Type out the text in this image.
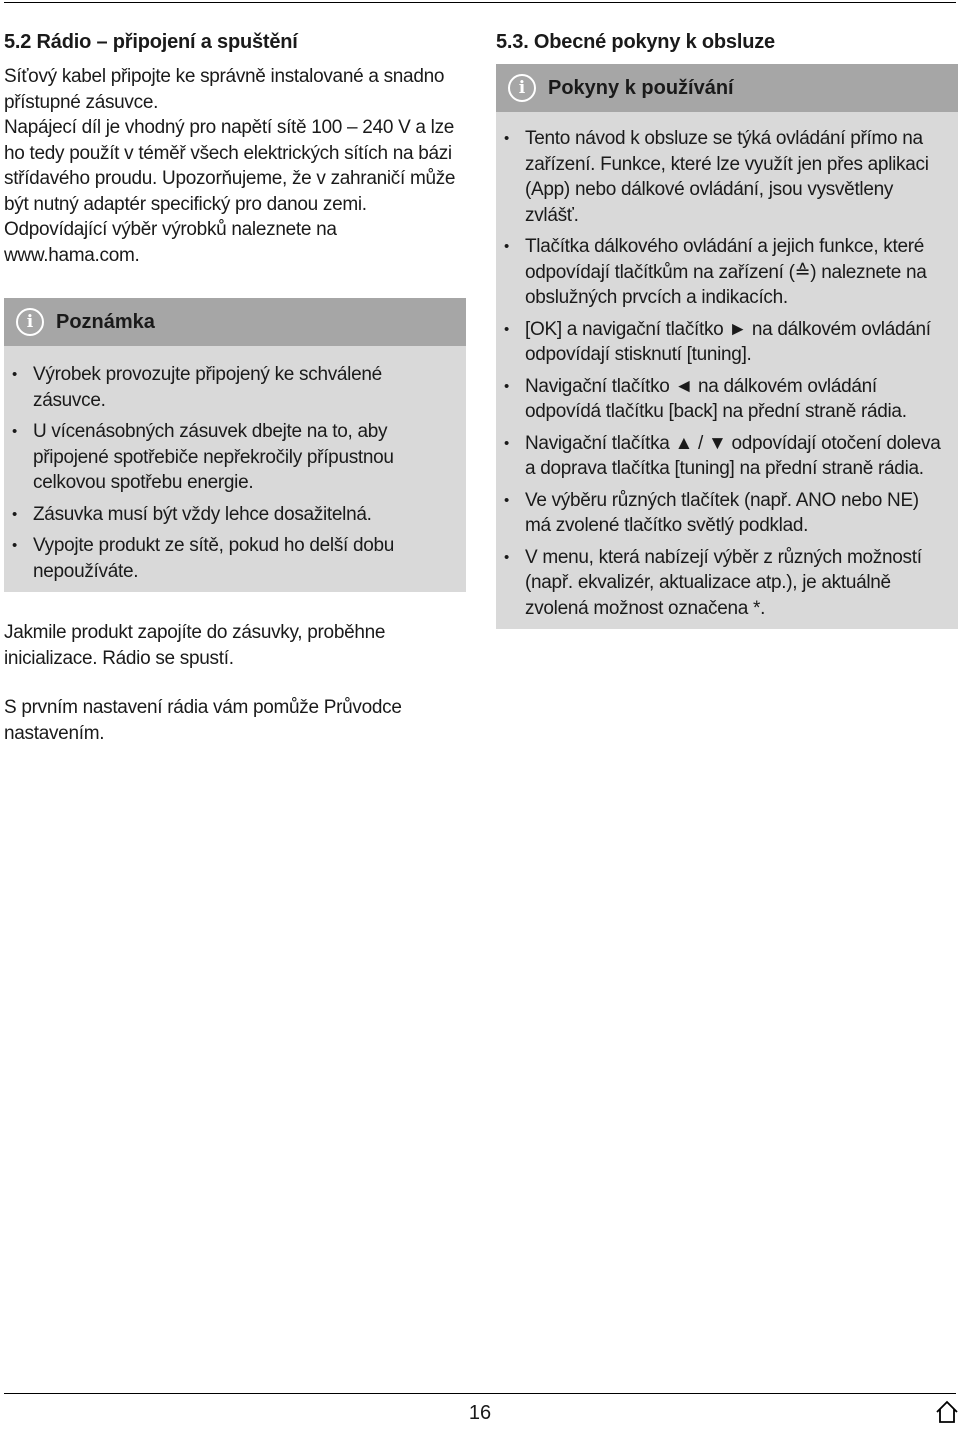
5.2 Rádio – připojení a spuštění

Síťový kabel připojte ke správně instalované a snadno přístupné zásuvce.

Napájecí díl je vhodný pro napětí sítě 100 – 240 V a lze ho tedy použít v téměř všech elektrických sítích na bázi střídavého proudu. Upozorňujeme, že v zahraničí může být nutný adaptér specifický pro danou zemi. Odpovídající výběr výrobků naleznete na www.hama.com.

i	Poznámka
• Výrobek provozujte připojený ke schválené zásuvce.
• U vícenásobných zásuvek dbejte na to, aby připojené spotřebiče nepřekročily přípustnou celkovou spotřebu energie.
• Zásuvka musí být vždy lehce dosažitelná.
• Vypojte produkt ze sítě, pokud ho delší dobu nepoužíváte.

Jakmile produkt zapojíte do zásuvky, proběhne inicializace. Rádio se spustí.

S prvním nastavení rádia vám pomůže Průvodce nastavením.

5.3. Obecné pokyny k obsluze
i	Pokyny k používání
• Tento návod k obsluze se týká ovládání přímo na zařízení. Funkce, které lze využít jen přes aplikaci (App) nebo dálkové ovládání, jsou vysvětleny zvlášť.
• Tlačítka dálkového ovládání a jejich funkce, které odpovídají tlačítkům na zařízení (≙) naleznete na obslužných prvcích a indikacích.
• [OK] a navigační tlačítko ► na dálkovém ovládání odpovídají stisknutí [tuning].
• Navigační tlačítko ◄ na dálkovém ovládání odpovídá tlačítku [back] na přední straně rádia.
• Navigační tlačítka ▲ / ▼ odpovídají otočení doleva a doprava tlačítka [tuning] na přední straně rádia.
• Ve výběru různých tlačítek (např. ANO nebo NE) má zvolené tlačítko světlý podklad.
• V menu, která nabízejí výběr z různých možností (např. ekvalizér, aktualizace atp.), je aktuálně zvolená možnost označena *.
16
